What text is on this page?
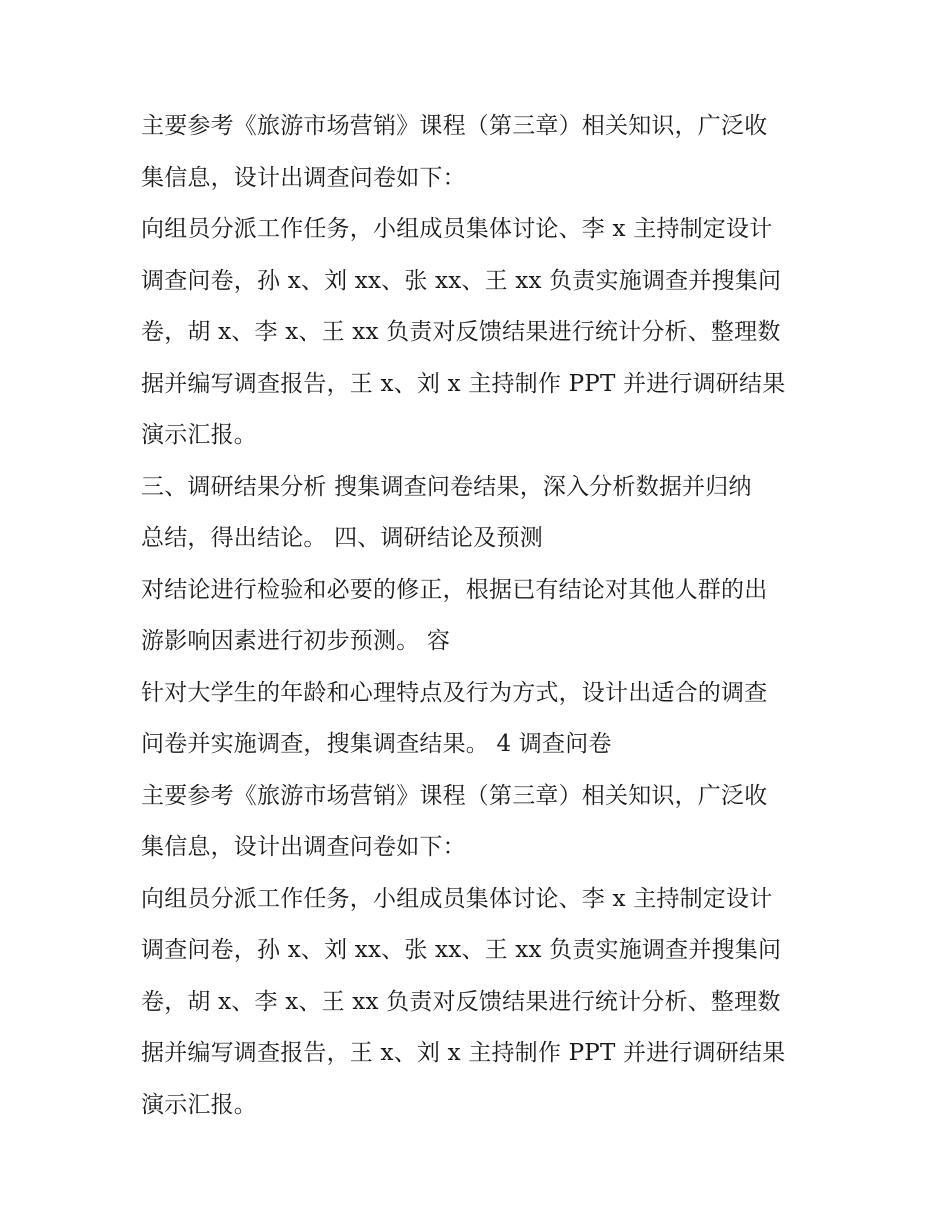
主要参考《旅游市场营销》课程（第三章）相关知识，广泛收
集信息，设计出调查问卷如下：
向组员分派工作任务，小组成员集体讨论、李 x 主持制定设计
调查问卷，孙 x、刘 xx、张 xx、王 xx 负责实施调查并搜集问
卷，胡 x、李 x、王 xx 负责对反馈结果进行统计分析、整理数
据并编写调查报告，王 x、刘 x 主持制作 PPT 并进行调研结果
演示汇报。
三、调研结果分析 搜集调查问卷结果，深入分析数据并归纳
总结，得出结论。 四、调研结论及预测
对结论进行检验和必要的修正，根据已有结论对其他人群的出
游影响因素进行初步预测。 容
针对大学生的年龄和心理特点及行为方式，设计出适合的调查
问卷并实施调查，搜集调查结果。 4 调查问卷
主要参考《旅游市场营销》课程（第三章）相关知识，广泛收
集信息，设计出调查问卷如下：
向组员分派工作任务，小组成员集体讨论、李 x 主持制定设计
调查问卷，孙 x、刘 xx、张 xx、王 xx 负责实施调查并搜集问
卷，胡 x、李 x、王 xx 负责对反馈结果进行统计分析、整理数
据并编写调查报告，王 x、刘 x 主持制作 PPT 并进行调研结果
演示汇报。
